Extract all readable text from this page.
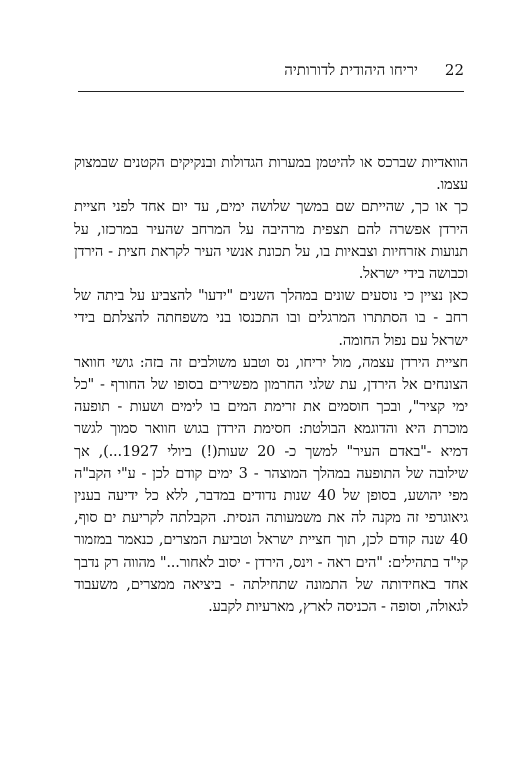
22
יריחו היהודית לדורותיה

הוואדיות שברכס או להיטמן במערות הגדולות ובנקיקים הקטנים שבמצוק עצמו.

כך או כך, שהייתם שם במשך שלושה ימים, עד יום אחד לפני חציית הירדן אפשרה להם תצפית מרהיבה על המרחב שהעיר במרכזו, על תנועות אזרחיות וצבאיות בו, על תכונת אנשי העיר לקראת חצית - הירדן וכבושה בידי ישראל.

כאן נציין כי נוסעים שונים במהלך השנים "ידעו" להצביע על ביתה של רחב - בו הסתתרו המרגלים ובו התכנסו בני משפחתה להצלתם בידי ישראל עם נפול החומה.

חציית הירדן עצמה, מול יריחו, נס וטבע משולבים זה בזה: גושי חוואר הצונחים אל הירדן, עת שלגי החרמון מפשירים בסופו של החורף - "כל ימי קציר", ובכך חוסמים את זרימת המים בו לימים ושעות - תופעה מוכרת היא והדוגמא הבולטת: חסימת הירדן בגוש חוואר סמוך לגשר דמיא -"באדם העיר" למשך כ- 20 שעות(!) ביולי 1927...), אך שילובה של התופעה במהלך המוצהר - 3 ימים קודם לכן - ע"י הקב"ה מפי יהושע, בסופן של 40 שנות נדודים במדבר, ללא כל ידיעה בענין גיאוגרפי זה מקנה לה את משמעותה הנסית. הקבלתה לקריעת ים סוף, 40 שנה קודם לכן, תוך חציית ישראל וטביעת המצרים, כנאמר במזמור קי"ד בתהילים: "הים ראה - וינס, הירדן - יסוב לאחור..." מהווה רק נדבך אחד באחידותה של התמונה שתחילתה - ביציאה ממצרים, משעבוד לגאולה, וסופה - הכניסה לארץ, מארעיות לקבע.
